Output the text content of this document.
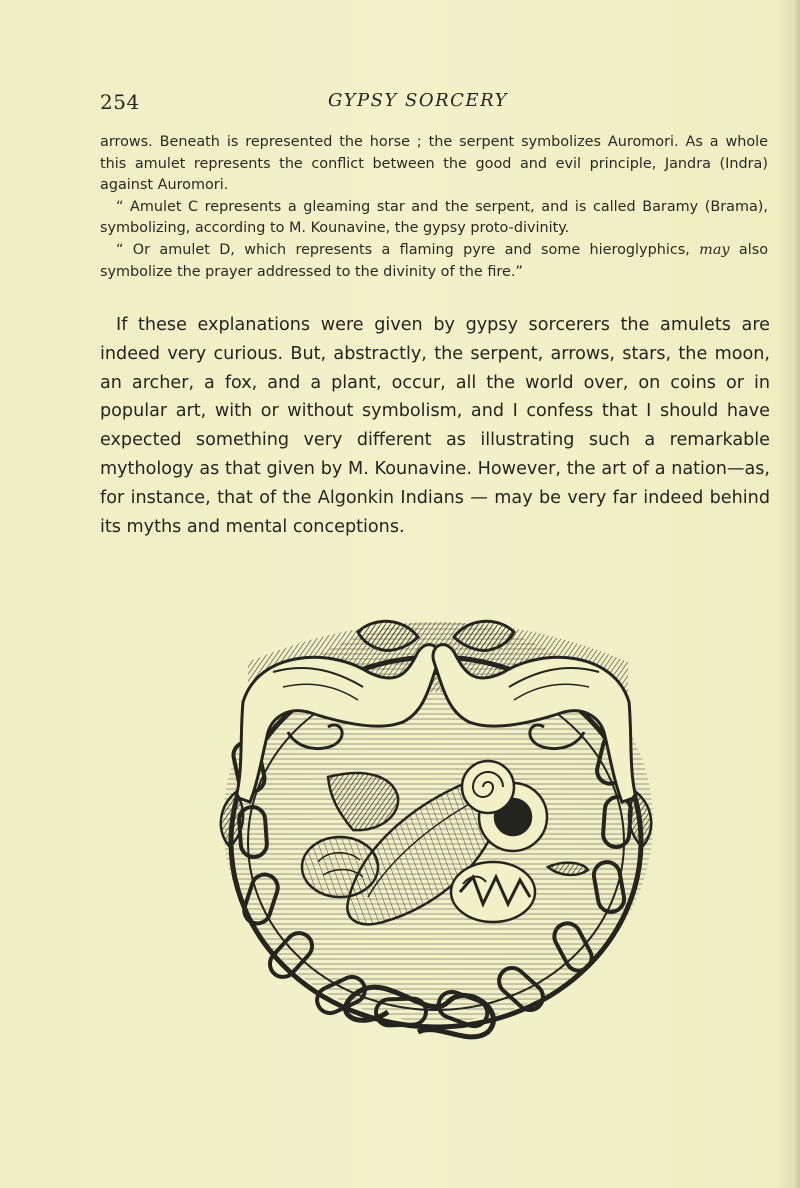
254	GYPSY SORCERY

arrows. Beneath is represented the horse ; the serpent symbolizes Auromori. As a whole this amulet represents the conflict between the good and evil principle, Jandra (Indra) against Auromori.

“ Amulet C represents a gleaming star and the serpent, and is called Baramy (Brama), symbolizing, according to M. Kounavine, the gypsy proto-divinity.

“ Or amulet D, which represents a flaming pyre and some hieroglyphics, may also symbolize the prayer addressed to the divinity of the fire.”

If these explanations were given by gypsy sorcerers the amulets are indeed very curious. But, abstractly, the serpent, arrows, stars, the moon, an archer, a fox, and a plant, occur, all the world over, on coins or in popular art, with or without symbolism, and I confess that I should have expected something very different as illustrating such a remarkable mythology as that given by M. Kounavine. However, the art of a nation—as, for instance, that of the Algonkin Indians — may be very far indeed behind its myths and mental conceptions.
